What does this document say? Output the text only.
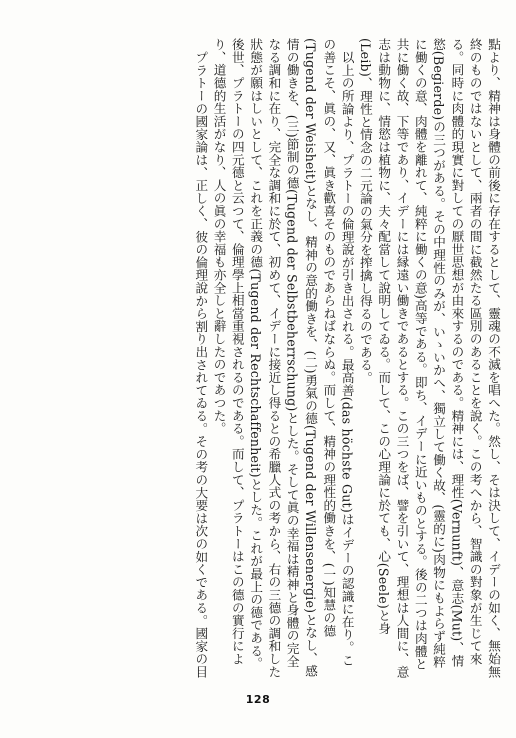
點より、精神は身體の前後に存在するとして、靈魂の不滅を唱へた。然し、そは決して、イデーの如く、無始無終のものではないとして、兩者の間に截然たる區別のあることを說く。この考へから、智識の對象が生じて來る。同時に肉體的現實に對しての厭世思想が由來するのである。精神には、理性(Vernunft)、意志(Mut)、情慾(Begierde)の三つがある。その中理性のみが、いゝいかへ、獨立して働く故、(靈的に)肉物にもよらず純粹に働くの意、肉體を離れて、純粹に働くの意)高等である。即ち、イデーに近いものとする。後の二つは肉體と共に働く故、下等であり、イデーには縁遠い働きであるとする。この三つをば、譬を引いて、理想は人間に、意志は動物に、情慾は植物に、夫々配當して說明してゐる。而して、この心理論に於ても、心(Seele)と身(Leib)、理性と情念の二元論の氣分を搾擒し得るのである。

以上の所論より、プラトーの倫理說が引き出される。最高善(das höchste Gut)はイデーの認識に在り。この善こそ、眞の、又、眞き歡喜そのものであらねばならぬ。而して、精神の理性的働きを、(一)知慧の德(Tugend der Weisheit)となし、精神の意的働きを、(二)勇氣の德(Tugend der Willensenergie)となし、感情の働きを、(三)節制の德(Tugend der Selbstbeherrschung)とした。そして眞の幸福は精神と身體の完全なる調和に在り、完全な調和に於て、初めて、イデーに接近し得るとの希臘人式の考から、右の三德の調和した狀態が願はしいとして、これを正義の德(Tugend der Rechtschaffenheit)とした。これが最上の德である。後世、プラトーの四元德と云つて、倫理學上相當重視されるのである。而して、プラトーはこの德の實行により、道德的生活がなり、人の眞の幸福も亦全しと辭したのであつた。

プラトーの國家論は、正しく、彼の倫理說から割り出されてゐる。その考の大要は次の如くである。國家の目

128
